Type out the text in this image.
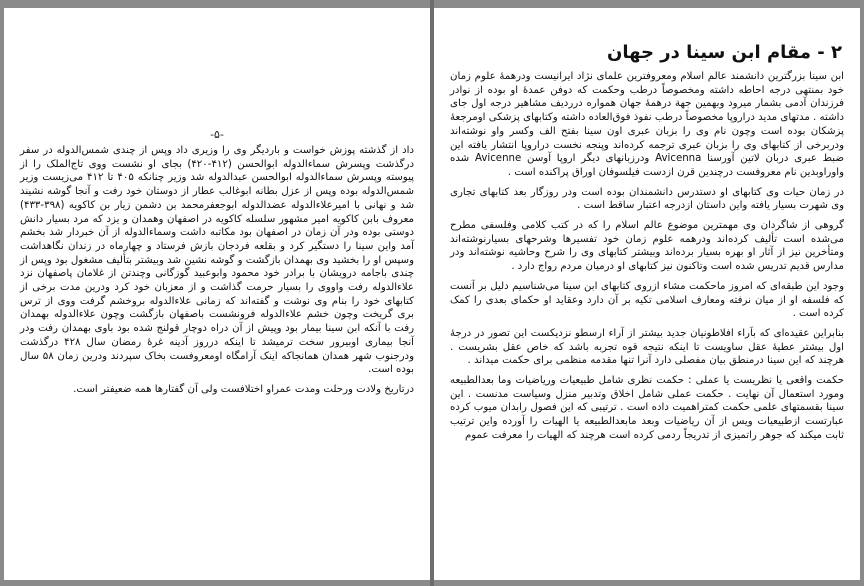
-۵-

داد از گذشته پوزش خواست و باردیگر وی را وزیری داد وپس از چندی شمس‌الدوله در سفر درگذشت وپسرش سماءالدوله ابوالحسن (۴۱۲-۴۲۰) بجای او نشست ووی تاج‌الملک را از پیوسته وپسرش سماءالدوله ابوالحسن عبدالدوله شد وزیر چنانکه ۴۰۵ تا ۴۱۲ می‌زیست وزیر شمس‌الدوله بوده وپس از عزل بطانه ابوغالب عطار از دوستان خود رفت و آنجا گوشه نشیند شد و نهانی با امیرعلاءالدوله عضدالدوله ابوجعفرمحمد بن دشمن زیار بن کاکویه (۳۹۸-۴۳۳) معروف بابن کاکویه امیر مشهور سلسله کاکویه در اصفهان وهمدان و یزد که مرد بسیار دانش دوستی بوده ودر آن زمان در اصفهان بود مکاتبه داشت وسماءالدوله از آن خبردار شد بخشم آمد واین سینا را دستگیر کرد و بقلعه فردجان بازش فرستاد و چهارماه در زندان نگاهداشت وسپس او را بخشید وی بهمدان بازگشت و گوشه نشین شد وبیشتر بتألیف مشغول بود وپس از چندی باجامه درویشان با برادر خود محمود وابوعبید گوزگانی وچندتن از غلامان پاصفهان نزد علاءالدوله رفت واووی را بسیار حرمت گذاشت و از معزبان خود کرد ودرین مدت برخی از کتابهای خود را بنام وی نوشت و گفته‌اند که زمانی علاءالدوله بروخشم گرفت ووی از ترس بری گریخت وچون خشم علاءالدوله فرونشست باصفهان بازگشت وچون علاءالدوله بهمدان رفت با آنکه ابن سینا بیمار بود وپیش از آن دراه دوچار قولنج شده بود باوی بهمدان رفت ودر آنجا بیماری اوبیرور سخت ترمیشد تا اینکه درروز آدینه غرهٔ رمضان سال ۴۲۸ درگذشت ودرجنوب شهر همدان همانجاکه اینک آرامگاه اومعروفست بخاک سپردند ودرین زمان ۵۸ سال بوده است.

درتاریخ ولادت ورحلت ومدت عمراو اختلافست ولی آن گفتارها همه ضعیفتر است.

۲ - مقام ابن سینا در جهان

ابن سینا بزرگترین دانشمند عالم اسلام ومعروفترین علمای نژاد ایرانیست ودرهمهٔ علوم زمان خود بمنتهی درجه احاطه داشته ومخصوصاً درطب وحکمت که دوفن عمدهٔ او بوده از نوادر فرزندان آدمی بشمار میرود وبهمین جهة درهمهٔ جهان همواره درردیف مشاهیر درجه اول جای داشته . مدتهای مدید دراروپا مخصوصاً درطب نفوذ فوق‌العاده داشته وکتابهای پزشکی اومرجعهٔ پزشکان بوده است وچون نام وی را بزبان عبری اون سینا بفتح الف وکسر واو نوشته‌اند ودربرخی از کتابهای وی را بزبان عبری ترجمه کرده‌اند وپنجه نخست دراروپا انتشار یافته این ضبط عبری دربان لاتین آورسنا Avicenna ودرزبانهای دیگر اروپا آوسن Avicenne شده واوراوبدین نام معروفست درچندین قرن ازدست فیلسوفان اوراق پراکنده است .

در زمان حیات وی کتابهای او دستدرس دانشمندان بوده است ودر روزگار بعد کتابهای تجاری وی شهرت بسیار یافته واین داستان ازدرجه اعتبار ساقط است .

گروهی از شاگردان وی مهمترین موضوع عالم اسلام را که در کتب کلامی وفلسفی مطرح می‌شده است تألیف کرده‌اند ودرهمه علوم زمان خود تفسیرها وشرحهای بسیارنوشته‌اند ومتأخرین نیز از آثار او بهره بسیار برده‌اند وبیشتر کتابهای وی را شرح وحاشیه نوشته‌اند ودر مدارس قدیم تدریس شده است وتاکنون نیز کتابهای او درمیان مردم رواج دارد .

وجود این طبقه‌ای که امروز ماحکمت مشاء ازروی کتابهای ابن سینا می‌شناسیم دلیل بر آنست که فلسفه او از میان نرفته ومعارف اسلامی تکیه بر آن دارد وعقاید او حکمای بعدی را کمک کرده است .

بنابراین عقیده‌ای که بآراء افلاطونیان جدید بیشتر از آراء ارسطو نزدیکست این تصور در درجهٔ اول بیشتر عطیهٔ عقل ساویست تا اینکه نتیجه قوه تجربه باشد که خاص عقل بشریست . هرچند که این سینا درمنطق بیان مفصلی دارد آنرا تنها مقدمه منظمی برای حکمت میداند .

حکمت واقعی یا نظریست یا عملی : حکمت نظری شامل طبیعیات وریاضیات وما بعدالطبیعه ومورد استعمال آن نهایت . حکمت عملی شامل اخلاق وتدبیر منزل وسیاست مدنست . این سینا بقسمتهای علمی حکمت کمتراهمیت داده است . ترتیبی که این فصول رابدان میوب کرده عبارتست ازطبیعیات ویس از آن ریاضیات وبعد مابعدالطبیعه یا الهیات را آورده واین ترتیب ثابت میکند که جوهر راتمیزی از تدریجاً ردمی کرده است هرچند که الهیات را معرفت عموم
